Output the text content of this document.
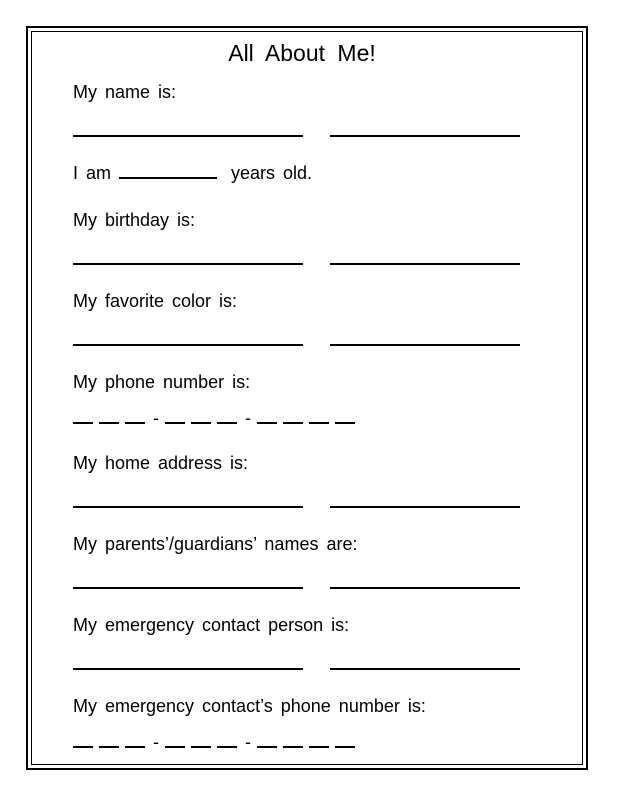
All About Me!
My name is:
I am	years old.
My birthday is:
My favorite color is:
My phone number is:
-	-
My home address is:
My parents’/guardians’ names are:
My emergency contact person is:
My emergency contact’s phone number is:
-	-
